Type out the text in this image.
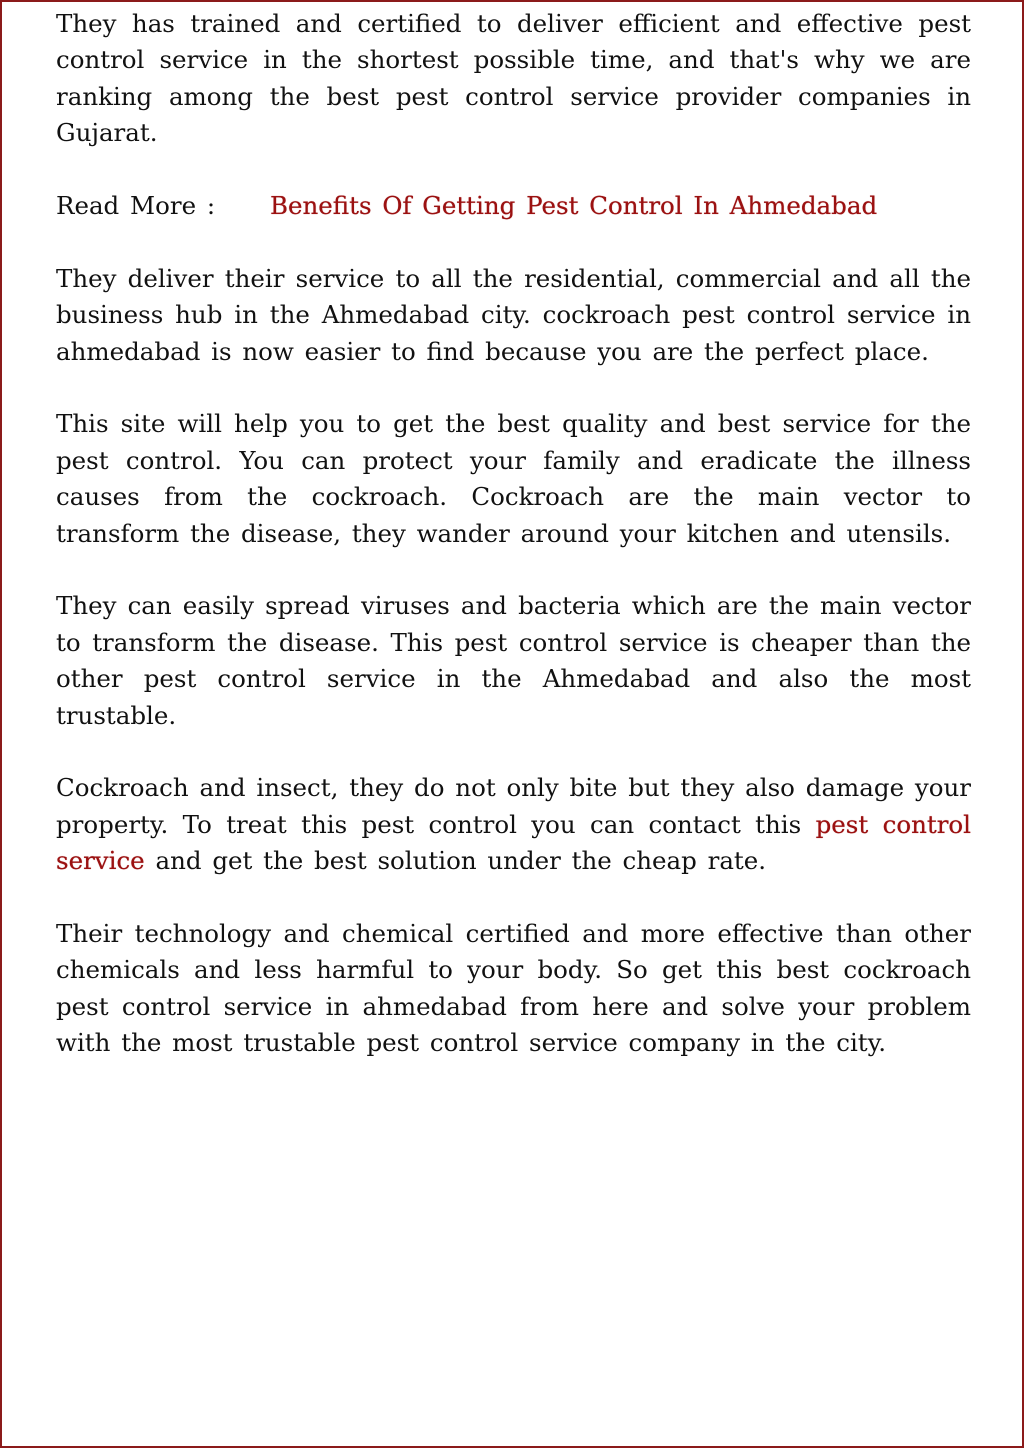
They has trained and certified to deliver efficient and effective pest control service in the shortest possible time, and that's why we are ranking among the best pest control service provider companies in Gujarat.

Read More : Benefits Of Getting Pest Control In Ahmedabad

They deliver their service to all the residential, commercial and all the business hub in the Ahmedabad city. cockroach pest control service in ahmedabad is now easier to find because you are the perfect place.

This site will help you to get the best quality and best service for the pest control. You can protect your family and eradicate the illness causes from the cockroach. Cockroach are the main vector to transform the disease, they wander around your kitchen and utensils.

They can easily spread viruses and bacteria which are the main vector to transform the disease. This pest control service is cheaper than the other pest control service in the Ahmedabad and also the most trustable.

Cockroach and insect, they do not only bite but they also damage your property. To treat this pest control you can contact this pest control service and get the best solution under the cheap rate.

Their technology and chemical certified and more effective than other chemicals and less harmful to your body. So get this best cockroach pest control service in ahmedabad from here and solve your problem with the most trustable pest control service company in the city.
